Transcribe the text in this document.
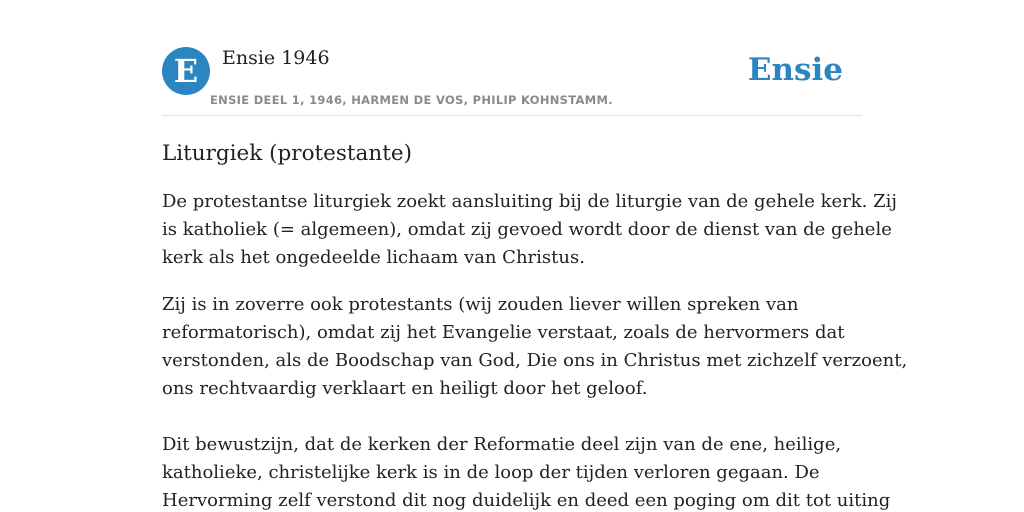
E	Ensie 1946
ENSIE DEEL 1, 1946, HARMEN DE VOS, PHILIP KOHNSTAMM.
Ensie
Liturgiek (protestante)

De protestantse liturgiek zoekt aansluiting bij de liturgie van de gehele kerk. Zij
is katholiek (= algemeen), omdat zij gevoed wordt door de dienst van de gehele
kerk als het ongedeelde lichaam van Christus.

Zij is in zoverre ook protestants (wij zouden liever willen spreken van
reformatorisch), omdat zij het Evangelie verstaat, zoals de hervormers dat
verstonden, als de Boodschap van God, Die ons in Christus met zichzelf verzoent,
ons rechtvaardig verklaart en heiligt door het geloof.

Dit bewustzijn, dat de kerken der Reformatie deel zijn van de ene, heilige,
katholieke, christelijke kerk is in de loop der tijden verloren gegaan. De
Hervorming zelf verstond dit nog duidelijk en deed een poging om dit tot uiting
